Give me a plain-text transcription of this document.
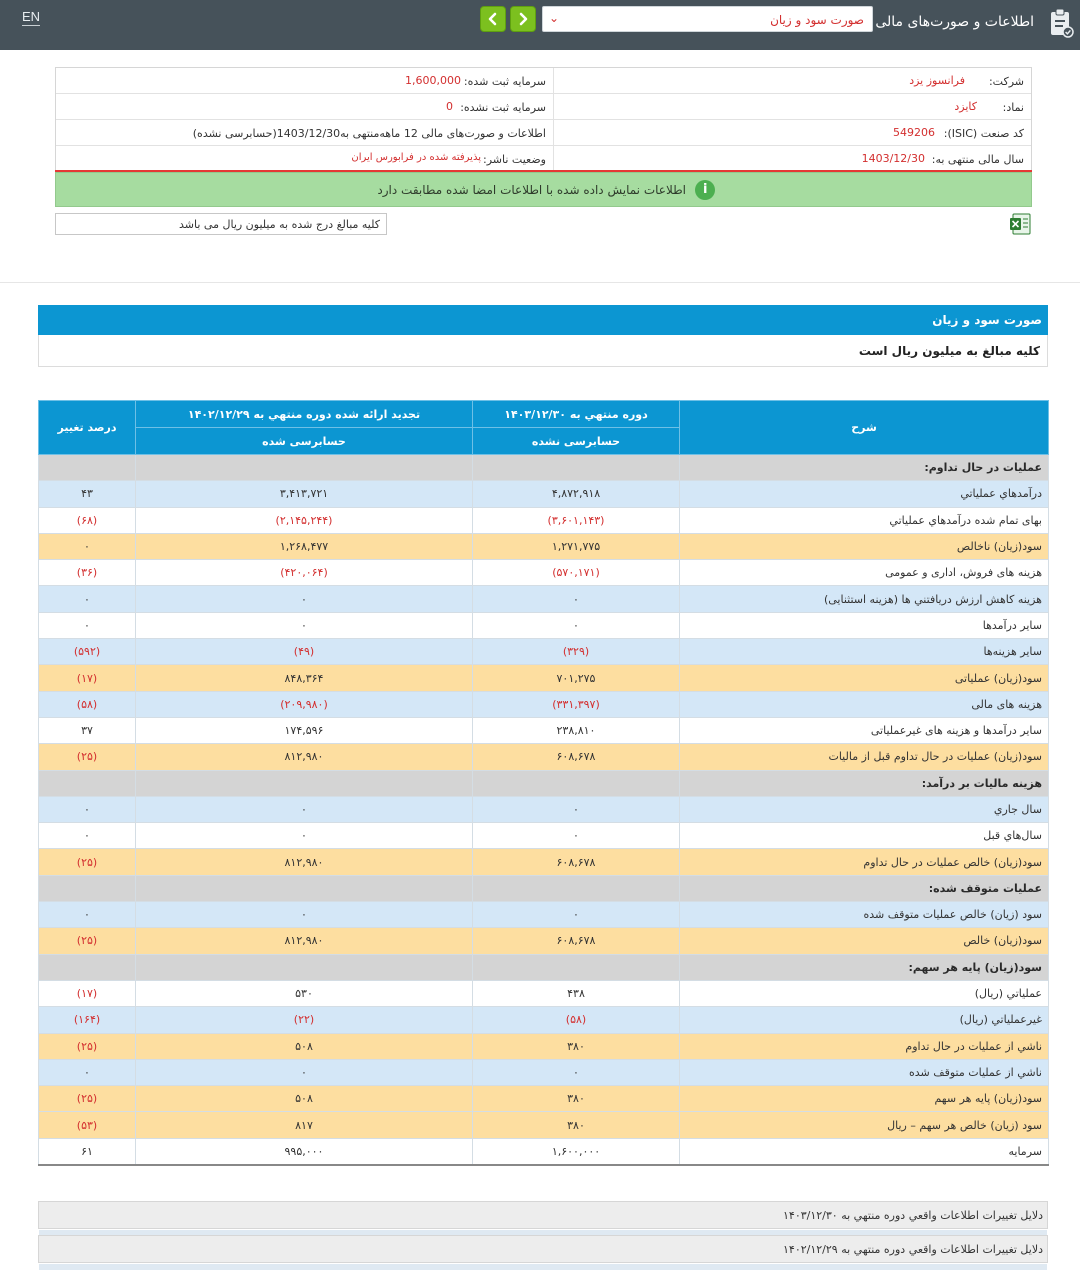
EN	صورت سود و زیان
⌄	اطلاعات و صورت‌های مالی
شرکت:
فرانسوز یزد
سرمایه ثبت شده:
1,600,000
نماد:
کایزد
سرمایه ثبت نشده:
0
کد صنعت (ISIC):
549206
اطلاعات و صورت‌های مالی 12 ماهه‌منتهی به1403/12/30(حسابرسی نشده)
سال مالی منتهی به:
1403/12/30
وضعیت ناشر:
پذیرفته شده در فرابورس ایران
i
اطلاعات نمایش داده شده با اطلاعات امضا شده مطابقت دارد
کلیه مبالغ درج شده به میلیون ریال می باشد
صورت سود و زیان
کلیه مبالغ به میلیون ریال است
شرح	دوره منتهي به ۱۴۰۳/۱۲/۳۰	تجدید ارائه شده دوره منتهي به ۱۴۰۲/۱۲/۲۹	درصد تغییر
	حسابرسی نشده	حسابرسی شده	
عمليات در حال تداوم:			
درآمدهاي عملياتي	۴,۸۷۲,۹۱۸	۳,۴۱۳,۷۲۱	۴۳
بهاى تمام شده درآمدهاي عملياتي	(۳,۶۰۱,۱۴۳)	(۲,۱۴۵,۲۴۴)	(۶۸)
سود(زيان) ناخالص	۱,۲۷۱,۷۷۵	۱,۲۶۸,۴۷۷	۰
هزينه هاى فروش، ادارى و عمومى	(۵۷۰,۱۷۱)	(۴۲۰,۰۶۴)	(۳۶)
هزینه کاهش ارزش دریافتني ها (هزینه استثنایی)	۰	۰	۰
ساير درآمدها	۰	۰	۰
سایر هزینه‌ها	(۳۲۹)	(۴۹)	(۵۹۲)
سود(زيان) عملياتى	۷۰۱,۲۷۵	۸۴۸,۳۶۴	(۱۷)
هزينه هاى مالى	(۳۳۱,۳۹۷)	(۲۰۹,۹۸۰)	(۵۸)
ساير درآمدها و هزينه هاى غيرعملياتى	۲۳۸,۸۱۰	۱۷۴,۵۹۶	۳۷
سود(زيان) عمليات در حال تداوم قبل از ماليات	۶۰۸,۶۷۸	۸۱۲,۹۸۰	(۲۵)
هزينه ماليات بر درآمد:			
سال جاري	۰	۰	۰
سال‌هاي قبل	۰	۰	۰
سود(زيان) خالص عمليات در حال تداوم	۶۰۸,۶۷۸	۸۱۲,۹۸۰	(۲۵)
عمليات متوقف شده:			
سود (زيان) خالص عمليات متوقف شده	۰	۰	۰
سود(زيان) خالص	۶۰۸,۶۷۸	۸۱۲,۹۸۰	(۲۵)
سود(زيان) پايه هر سهم:			
عملياتي (ريال)	۴۳۸	۵۳۰	(۱۷)
غيرعملياتي (ريال)	(۵۸)	(۲۲)	(۱۶۴)
ناشي از عمليات در حال تداوم	۳۸۰	۵۰۸	(۲۵)
ناشي از عمليات متوقف شده	۰	۰	۰
سود(زيان) پايه هر سهم	۳۸۰	۵۰۸	(۲۵)
سود (زيان) خالص هر سهم – ريال	۳۸۰	۸۱۷	(۵۳)
سرمايه	۱,۶۰۰,۰۰۰	۹۹۵,۰۰۰	۶۱
دلایل تغییرات اطلاعات واقعي دوره منتهي به ۱۴۰۳/۱۲/۳۰
دلایل تغییرات اطلاعات واقعي دوره منتهي به ۱۴۰۲/۱۲/۲۹
